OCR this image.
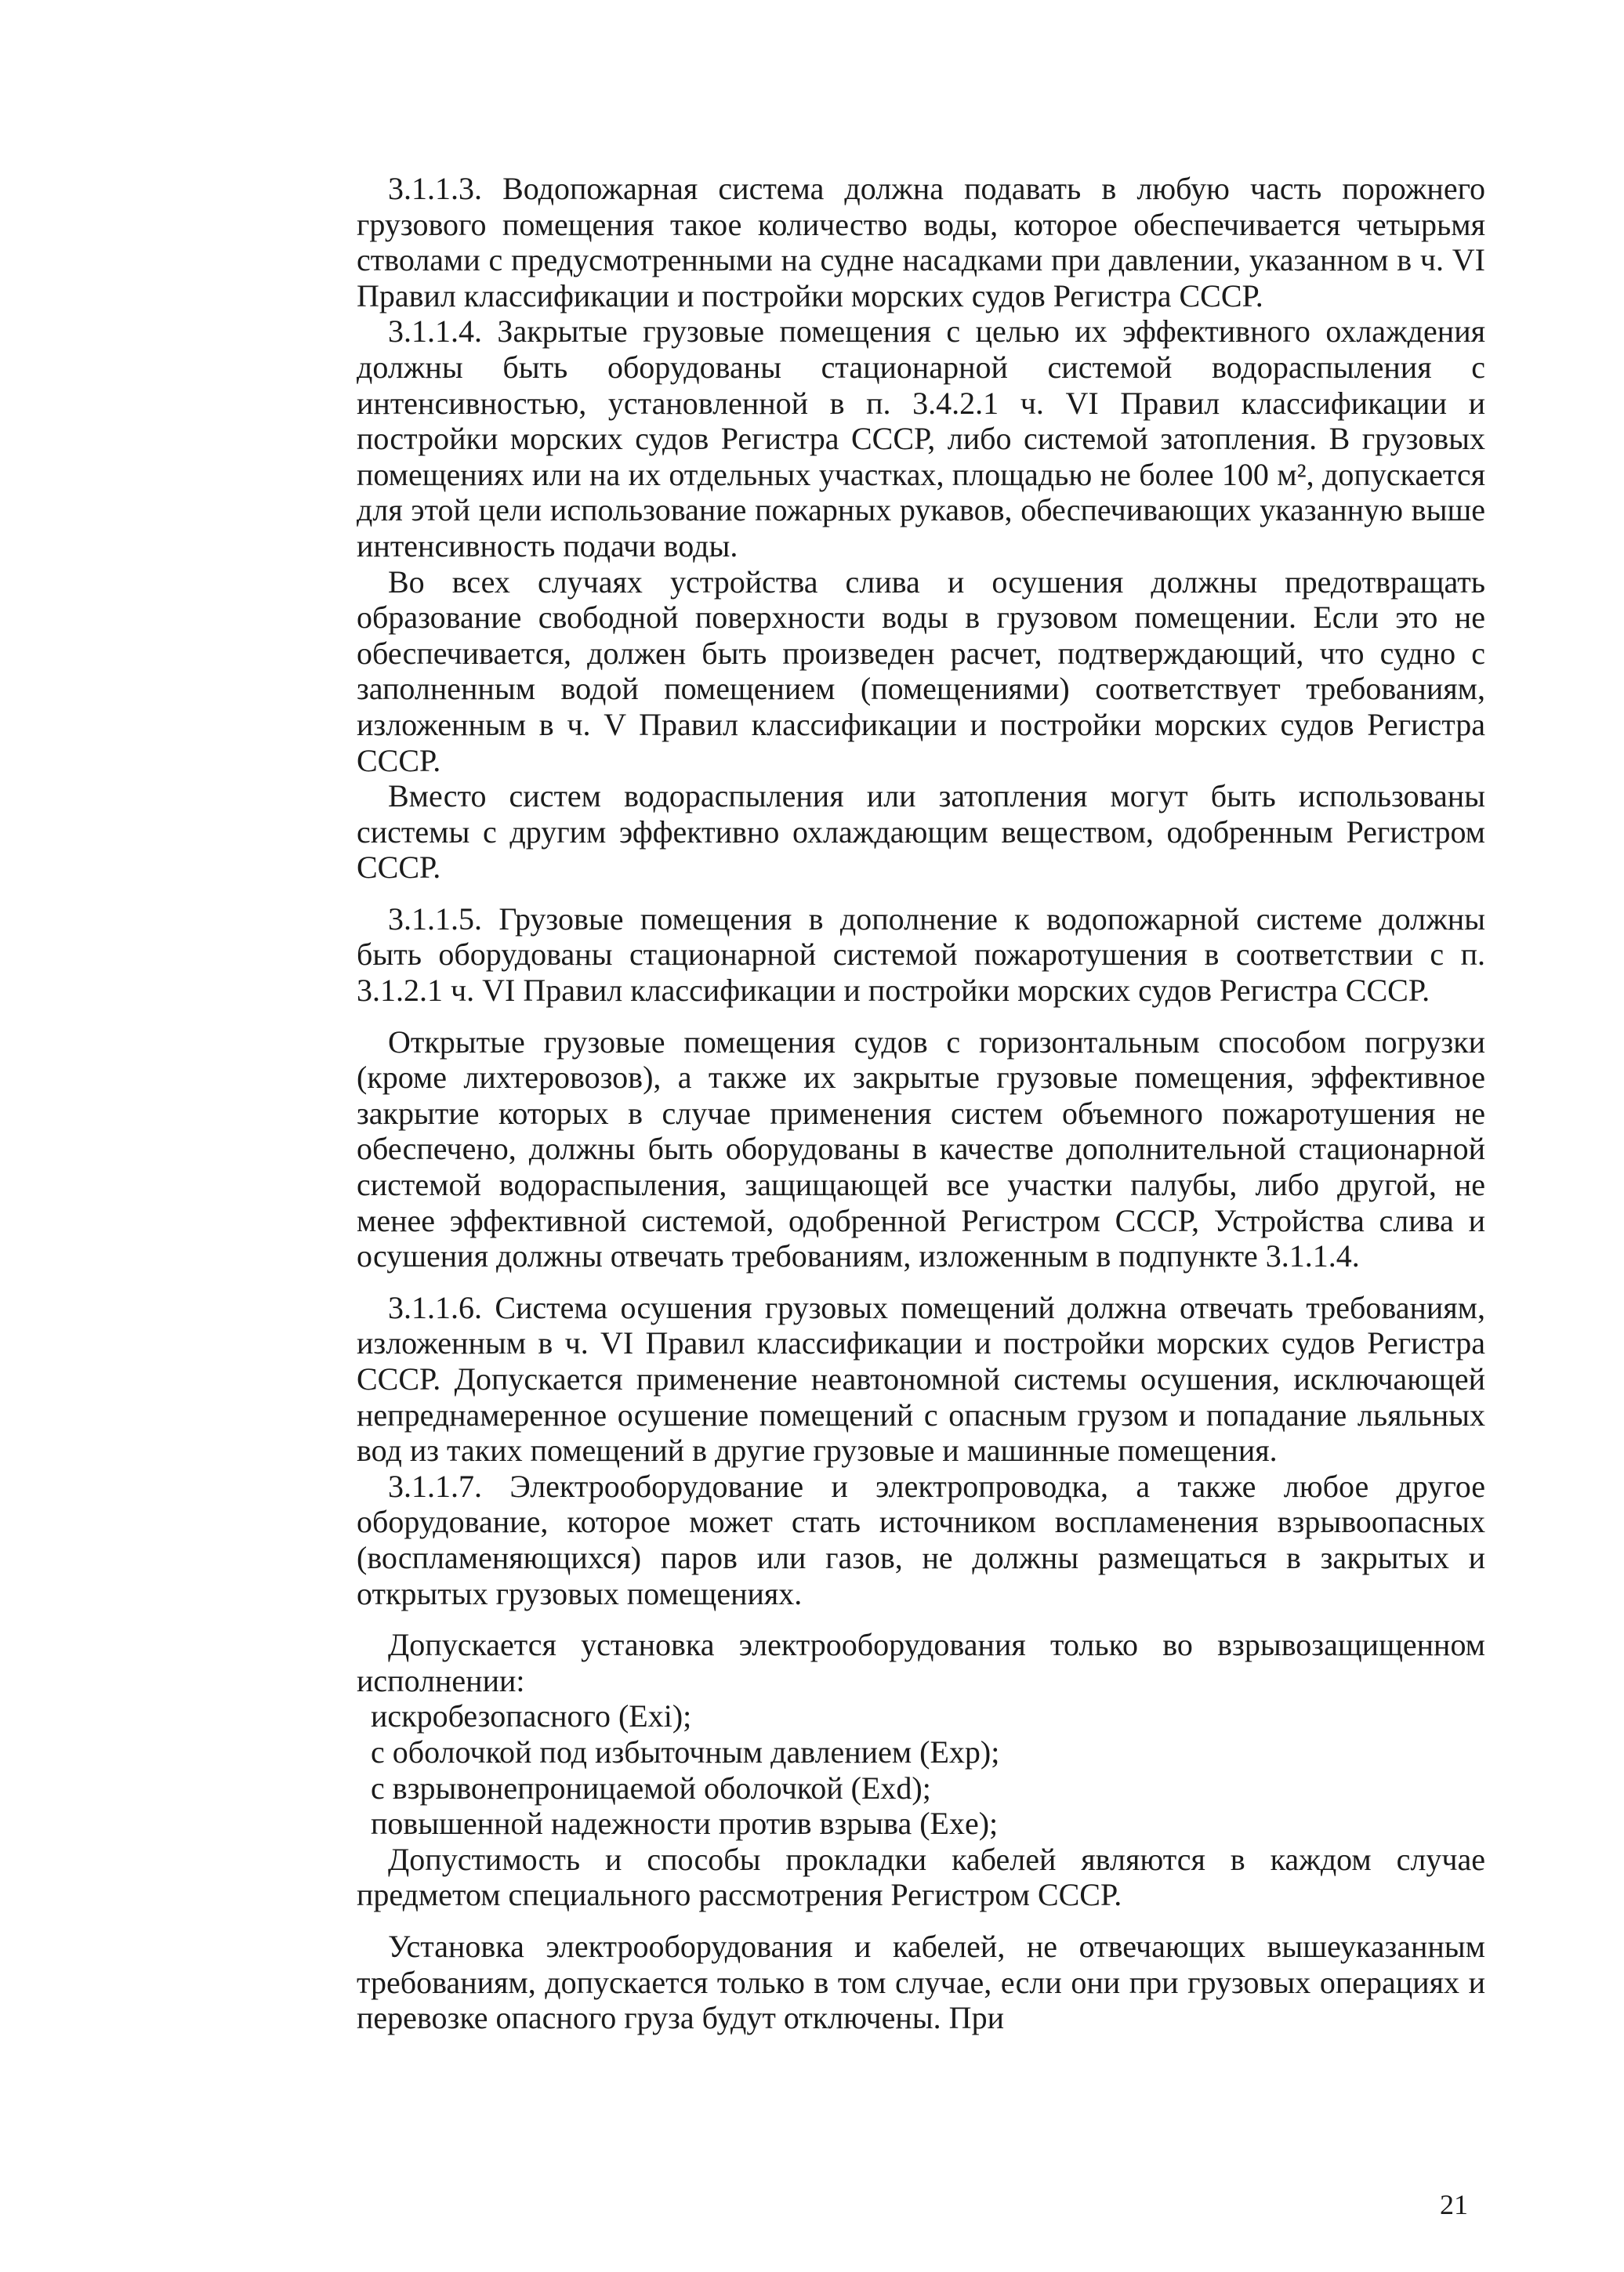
3.1.1.3. Водопожарная система должна подавать в любую часть порожнего грузового помещения такое количество воды, которое обеспечивается четырьмя стволами с предусмотренными на судне насадками при давлении, указанном в ч. VI Правил классификации и постройки морских судов Регистра СССР.

3.1.1.4. Закрытые грузовые помещения с целью их эффективного охлаждения должны быть оборудованы стационарной системой водораспыления с интенсивностью, установленной в п. 3.4.2.1 ч. VI Правил классификации и постройки морских судов Регистра СССР, либо системой затопления. В грузовых помещениях или на их отдельных участках, площадью не более 100 м², допускается для этой цели использование пожарных рукавов, обеспечивающих указанную выше интенсивность подачи воды.

Во всех случаях устройства слива и осушения должны предотвращать образование свободной поверхности воды в грузовом помещении. Если это не обеспечивается, должен быть произведен расчет, подтверждающий, что судно с заполненным водой помещением (помещениями) соответствует требованиям, изложенным в ч. V Правил классификации и постройки морских судов Регистра СССР.

Вместо систем водораспыления или затопления могут быть использованы системы с другим эффективно охлаждающим веществом, одобренным Регистром СССР.

3.1.1.5. Грузовые помещения в дополнение к водопожарной системе должны быть оборудованы стационарной системой пожаротушения в соответствии с п. 3.1.2.1 ч. VI Правил классификации и постройки морских судов Регистра СССР.

Открытые грузовые помещения судов с горизонтальным способом погрузки (кроме лихтеровозов), а также их закрытые грузовые помещения, эффективное закрытие которых в случае применения систем объемного пожаротушения не обеспечено, должны быть оборудованы в качестве дополнительной стационарной системой водораспыления, защищающей все участки палубы, либо другой, не менее эффективной системой, одобренной Регистром СССР, Устройства слива и осушения должны отвечать требованиям, изложенным в подпункте 3.1.1.4.

3.1.1.6. Система осушения грузовых помещений должна отвечать требованиям, изложенным в ч. VI Правил классификации и постройки морских судов Регистра СССР. Допускается применение неавтономной системы осушения, исключающей непреднамеренное осушение помещений с опасным грузом и попадание льяльных вод из таких помещений в другие грузовые и машинные помещения.

3.1.1.7. Электрооборудование и электропроводка, а также любое другое оборудование, которое может стать источником воспламенения взрывоопасных (воспламеняющихся) паров или газов, не должны размещаться в закрытых и открытых грузовых помещениях.

Допускается установка электрооборудования только во взрывозащищенном исполнении:

искробезопасного (Exi);

с оболочкой под избыточным давлением (Exp);

с взрывонепроницаемой оболочкой (Exd);

повышенной надежности против взрыва (Exe);

Допустимость и способы прокладки кабелей являются в каждом случае предметом специального рассмотрения Регистром СССР.

Установка электрооборудования и кабелей, не отвечающих вышеуказанным требованиям, допускается только в том случае, если они при грузовых операциях и перевозке опасного груза будут отключены. При

21
